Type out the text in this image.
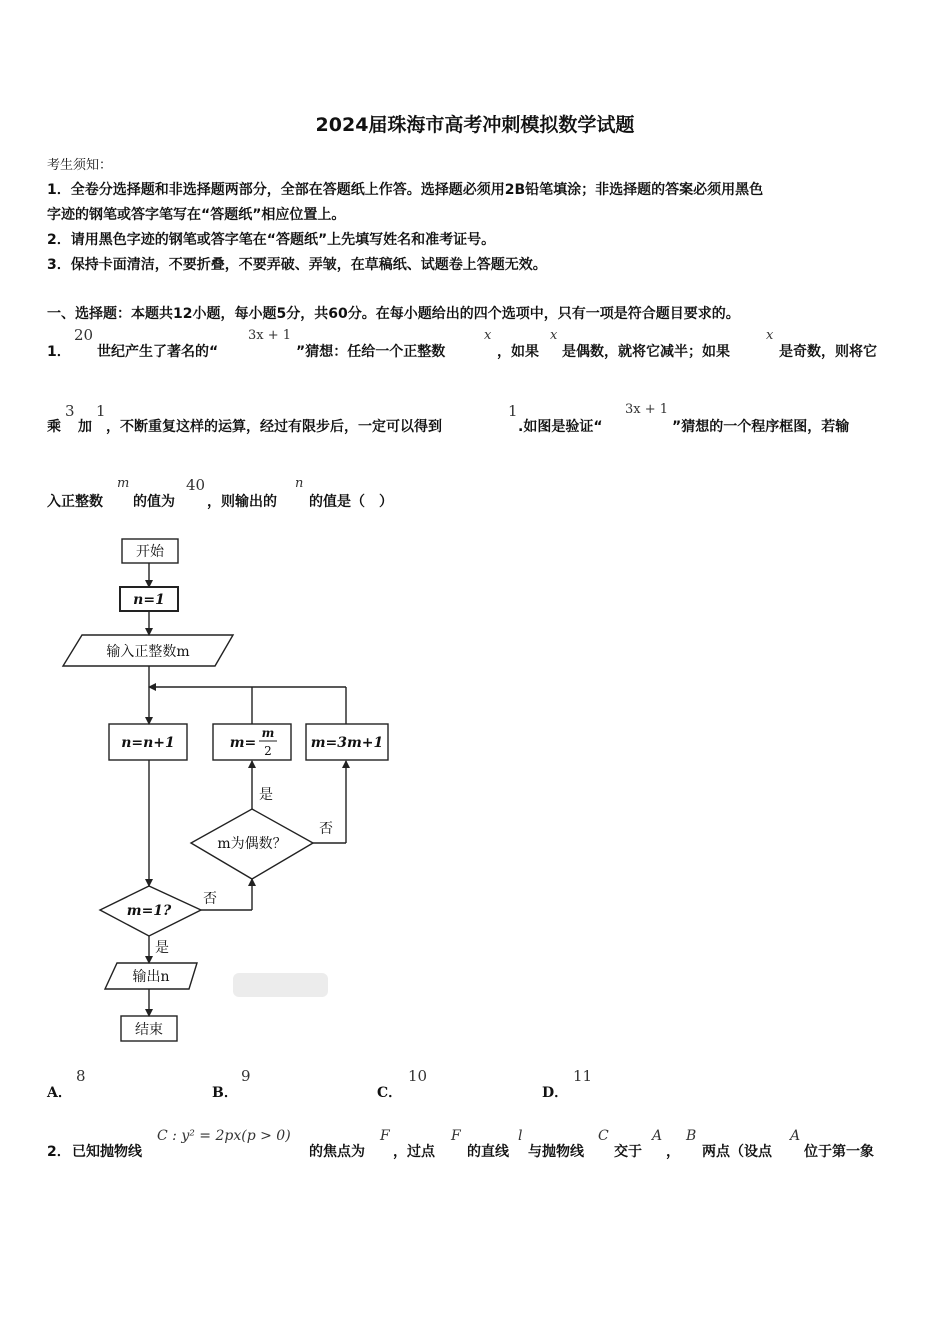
2024届珠海市高考冲刺模拟数学试题
考生须知：
1．全卷分选择题和非选择题两部分，全部在答题纸上作答。选择题必须用2B铅笔填涂；非选择题的答案必须用黑色
字迹的钢笔或答字笔写在“答题纸”相应位置上。
2．请用黑色字迹的钢笔或答字笔在“答题纸”上先填写姓名和准考证号。
3．保持卡面清洁，不要折叠，不要弄破、弄皱，在草稿纸、试题卷上答题无效。
一、选择题：本题共12小题，每小题5分，共60分。在每小题给出的四个选项中，只有一项是符合题目要求的。
1．
20
世纪产生了著名的“
3x + 1
”猜想：任给一个正整数
x
，如果
x
是偶数，就将它减半；如果
x
是奇数，则将它
乘
3
加
1
，不断重复这样的运算，经过有限步后，一定可以得到
1
.如图是验证“
3x + 1
”猜想的一个程序框图，若输
入正整数
m
的值为
40
，则输出的
n
的值是（　）
开始
n=1
输入正整数m
n=n+1	m=
m
2	m=3m+1
m为偶数？
m=1?
是
否
是
否
输出n
结束
A．
8
B．
9
C．
10
D．
11
2． 已知抛物线
C : y² = 2px(p > 0)
的焦点为
F
，过点
F
的直线
l
与抛物线
C
交于
A
，
B
两点（设点
A
位于第一象
